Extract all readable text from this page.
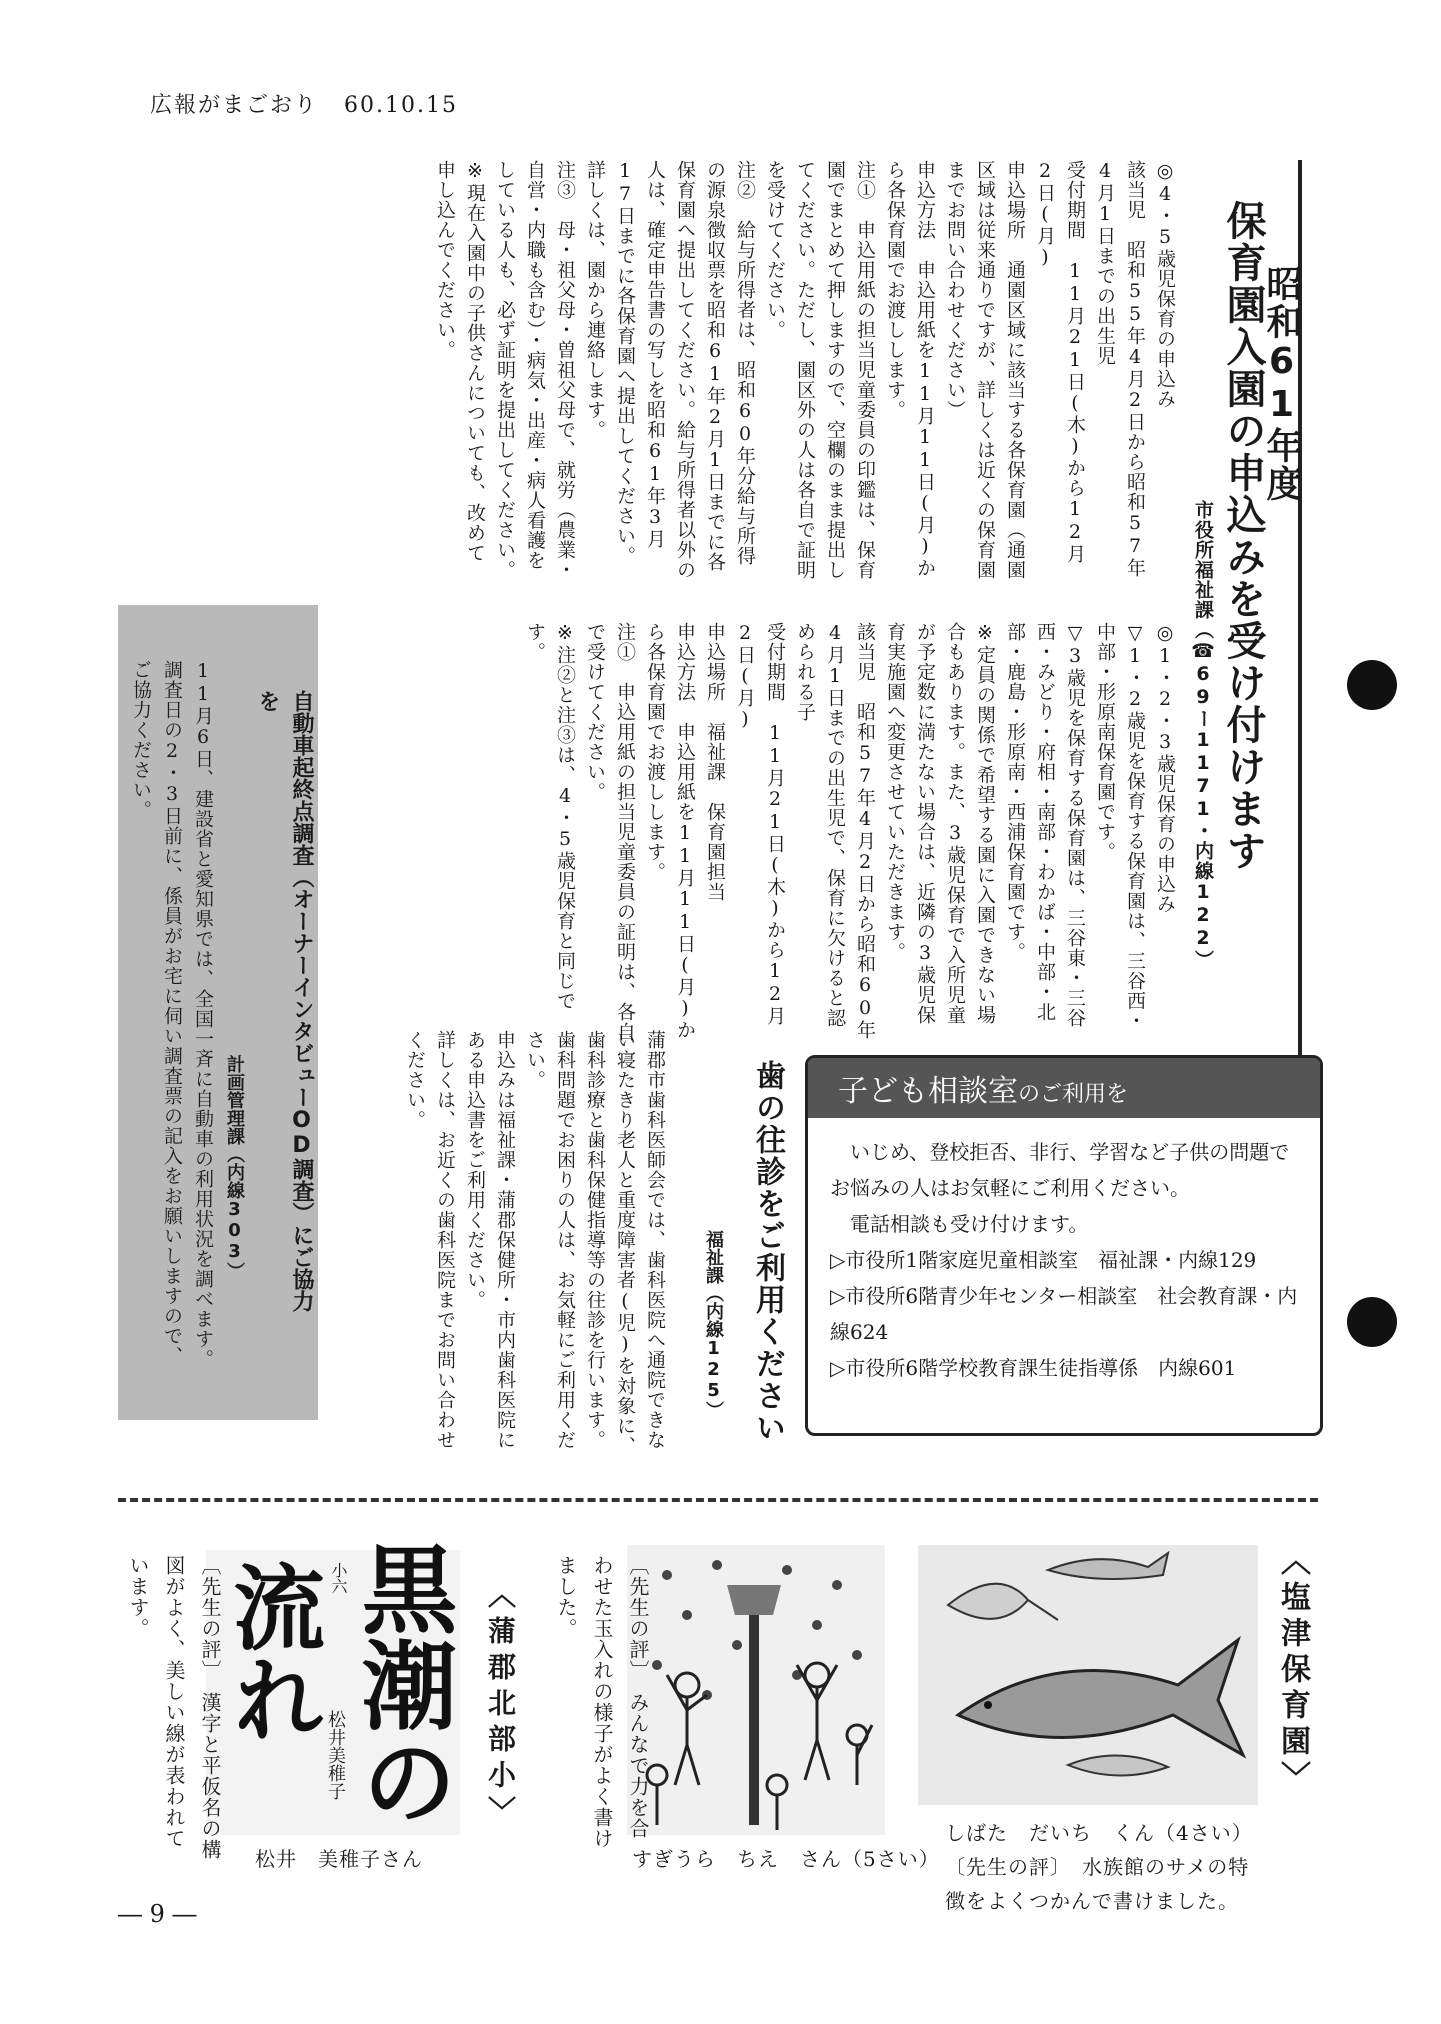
広報がまごおり 60.10.15
昭和61年度
保育園入園の申込みを受け付けます
市役所福祉課（☎69ー1171・内線122）
◎4・5歳児保育の申込み
該当児　昭和55年4月2日から昭和57年4月1日までの出生児
受付期間　11月21日(木)から12月2日(月)
申込場所　通園区域に該当する各保育園（通園区域は従来通りですが、詳しくは近くの保育園までお問い合わせください）
申込方法　申込用紙を11月11日(月)から各保育園でお渡しします。
注①　申込用紙の担当児童委員の印鑑は、保育園でまとめて押しますので、空欄のまま提出してください。ただし、園区外の人は各自で証明を受けてください。
注②　給与所得者は、昭和60年分給与所得の源泉徴収票を昭和61年2月1日までに各保育園へ提出してください。給与所得者以外の人は、確定申告書の写しを昭和61年3月17日までに各保育園へ提出してください。詳しくは、園から連絡します。
注③　母・祖父母・曽祖父母で、就労（農業・自営・内職も含む）・病気・出産・病人看護をしている人も、必ず証明を提出してください。
※現在入園中の子供さんについても、改めて申し込んでください。
◎1・2・3歳児保育の申込み
▽1・2歳児を保育する保育園は、三谷西・中部・形原南保育園です。
▽3歳児を保育する保育園は、三谷東・三谷西・みどり・府相・南部・わかば・中部・北部・鹿島・形原南・西浦保育園です。
※定員の関係で希望する園に入園できない場合もあります。また、3歳児保育で入所児童が予定数に満たない場合は、近隣の3歳児保育実施園へ変更させていただきます。
該当児　昭和57年4月2日から昭和60年4月1日までの出生児で、保育に欠けると認められる子
受付期間　11月21日(木)から12月2日(月)
申込場所　福祉課　保育園担当
申込方法　申込用紙を11月11日(月)から各保育園でお渡しします。
注①　申込用紙の担当児童委員の証明は、各自で受けてください。
※注②と注③は、4・5歳児保育と同じです。
自動車起終点調査（オーナーインタビューOD調査）にご協力を
計画管理課（内線303）
11月6日、建設省と愛知県では、全国一斉に自動車の利用状況を調べます。調査日の2・3日前に、係員がお宅に伺い調査票の記入をお願いしますので、ご協力ください。
歯の往診をご利用ください
福祉課（内線125）
蒲郡市歯科医師会では、歯科医院へ通院できない寝たきり老人と重度障害者(児)を対象に、歯科診療と歯科保健指導等の往診を行います。歯科問題でお困りの人は、お気軽にご利用ください。
申込みは福祉課・蒲郡保健所・市内歯科医院にある申込書をご利用ください。
詳しくは、お近くの歯科医院までお問い合わせください。	子ども相談室のご利用を

　いじめ、登校拒否、非行、学習など子供の問題でお悩みの人はお気軽にご利用ください。

　電話相談も受け付けます。

▷市役所1階家庭児童相談室　福祉課・内線129

▷市役所6階青少年センター相談室　社会教育課・内線624

▷市役所6階学校教育課生徒指導係　内線601

〈塩津保育園〉
しばた　だいち　くん（4さい）
〔先生の評〕　水族館のサメの特徴をよくつかんで書けました。
〈蒲郡北部小〉	〔先生の評〕　みんなで力を合わせた玉入れの様子がよく書けました。
すぎうら　ちえ　さん（5さい）
黒潮の
流れ 小六
松井美稚子
松井　美稚子さん
〔先生の評〕　漢字と平仮名の構図がよく、美しい線が表われています。
― 9 ―
